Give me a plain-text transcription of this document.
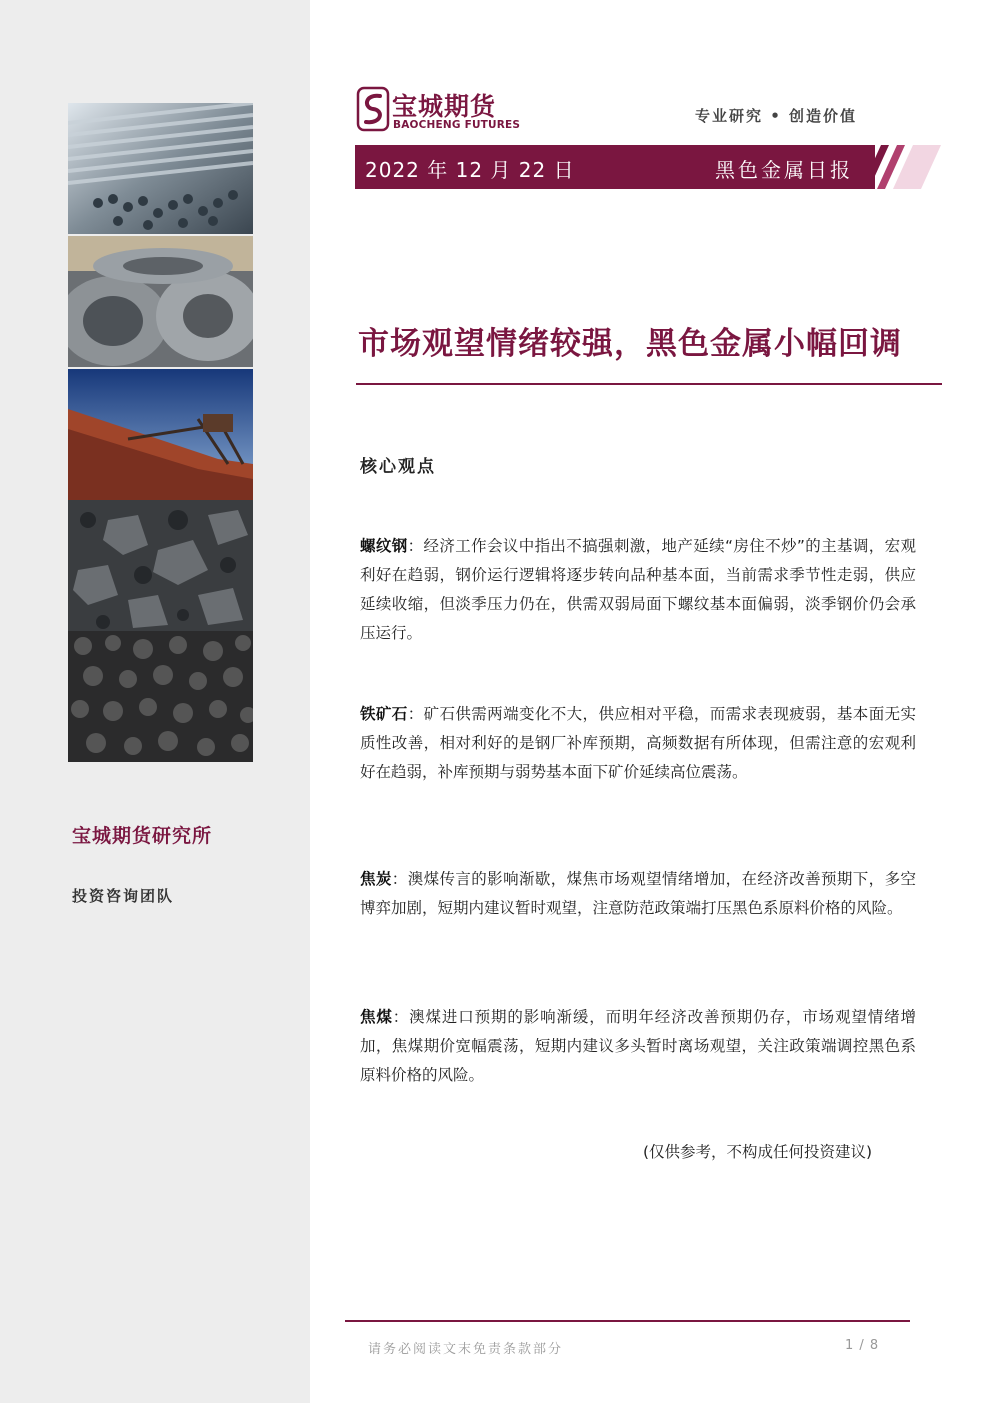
宝城期货研究所
投资咨询团队
宝城期货
BAOCHENG FUTURES	专业研究 • 创造价值
2022 年 12 月 22 日	黑色金属日报
市场观望情绪较强，黑色金属小幅回调
核心观点
螺纹钢：经济工作会议中指出不搞强刺激，地产延续“房住不炒”的主基调，宏观利好在趋弱，钢价运行逻辑将逐步转向品种基本面，当前需求季节性走弱，供应延续收缩，但淡季压力仍在，供需双弱局面下螺纹基本面偏弱，淡季钢价仍会承压运行。
铁矿石：矿石供需两端变化不大，供应相对平稳，而需求表现疲弱，基本面无实质性改善，相对利好的是钢厂补库预期，高频数据有所体现，但需注意的宏观利好在趋弱，补库预期与弱势基本面下矿价延续高位震荡。
焦炭：澳煤传言的影响渐歇，煤焦市场观望情绪增加，在经济改善预期下，多空博弈加剧，短期内建议暂时观望，注意防范政策端打压黑色系原料价格的风险。
焦煤：澳煤进口预期的影响渐缓，而明年经济改善预期仍存，市场观望情绪增加，焦煤期价宽幅震荡，短期内建议多头暂时离场观望，关注政策端调控黑色系原料价格的风险。
(仅供参考，不构成任何投资建议)
请务必阅读文末免责条款部分	1 / 8
